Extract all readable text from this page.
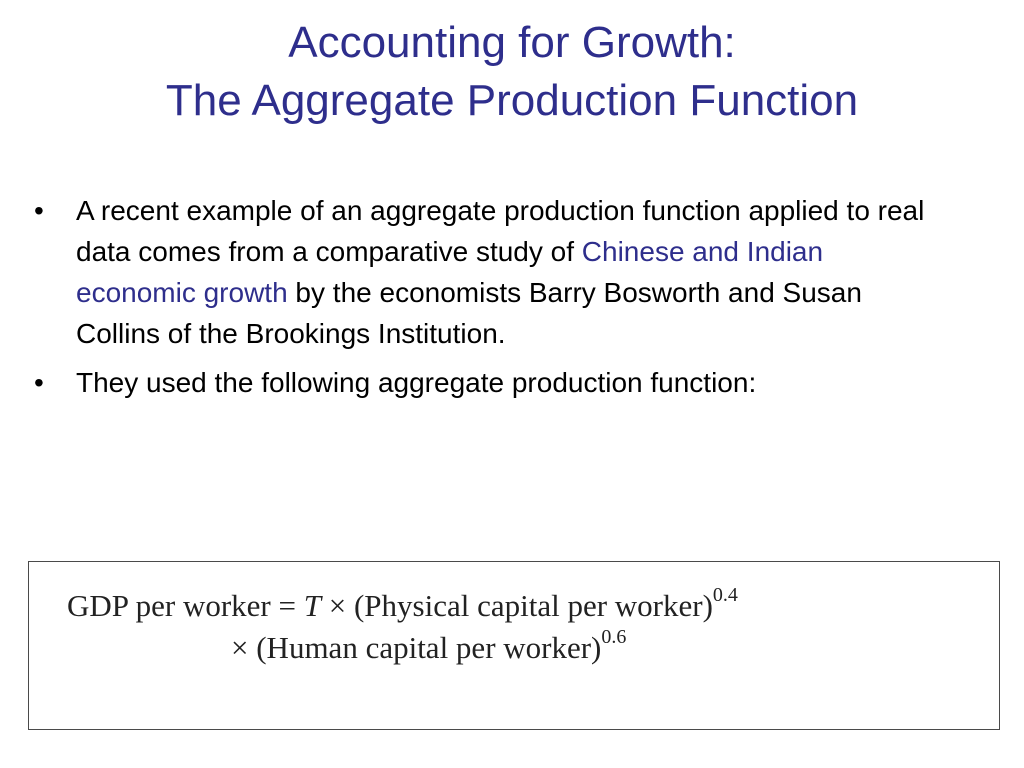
Accounting for Growth:
The Aggregate Production Function
•	A recent example of an aggregate production function applied to real data comes from a comparative study of Chinese and Indian economic growth by the economists Barry Bosworth and Susan Collins of the Brookings Institution.
•	They used the following aggregate production function:
GDP per worker = T × (Physical capital per worker)$^{0.4}$
× (Human capital per worker)$^{0.6}$
